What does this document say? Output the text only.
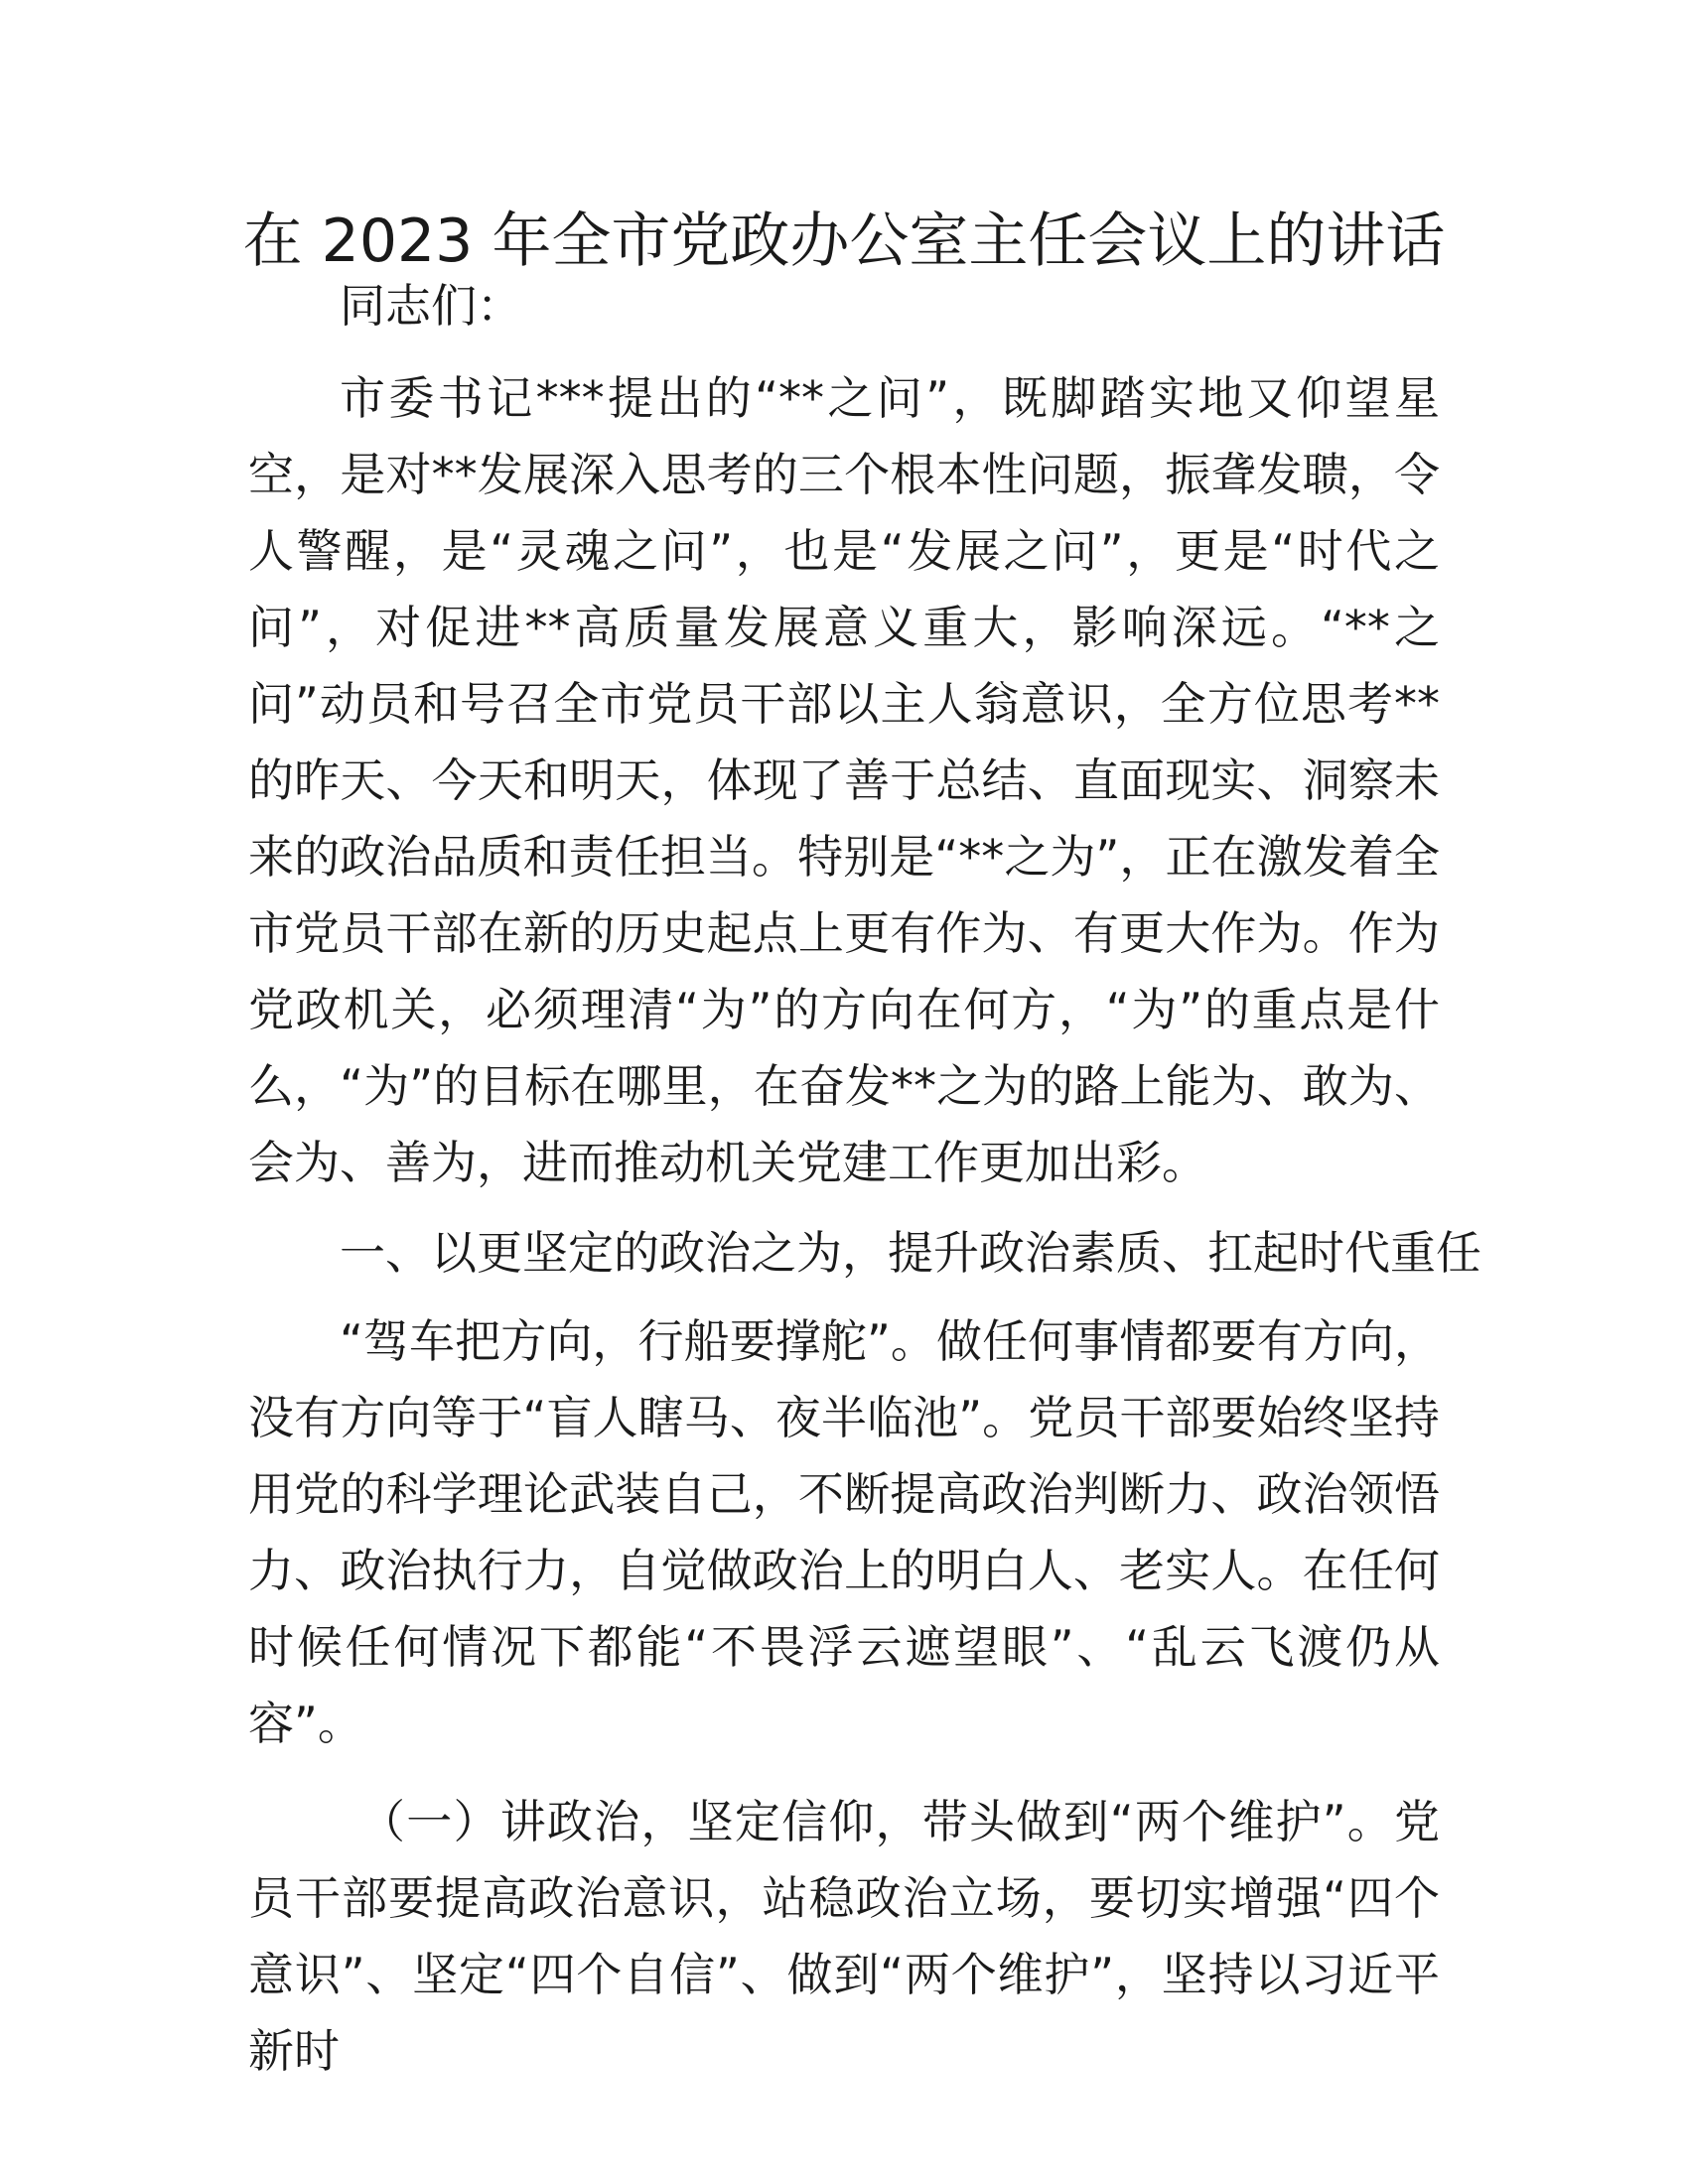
在 2023 年全市党政办公室主任会议上的讲话

同志们：

市委书记***提出的“**之问”，既脚踏实地又仰望星空，是对**发展深入思考的三个根本性问题，振聋发聩，令人警醒，是“灵魂之问”，也是“发展之问”，更是“时代之问”，对促进**高质量发展意义重大，影响深远。“**之问”动员和号召全市党员干部以主人翁意识，全方位思考**的昨天、今天和明天，体现了善于总结、直面现实、洞察未来的政治品质和责任担当。特别是“**之为”，正在激发着全市党员干部在新的历史起点上更有作为、有更大作为。作为党政机关，必须理清“为”的方向在何方，“为”的重点是什么，“为”的目标在哪里，在奋发**之为的路上能为、敢为、会为、善为，进而推动机关党建工作更加出彩。

一、以更坚定的政治之为，提升政治素质、扛起时代重任

“驾车把方向，行船要撑舵”。做任何事情都要有方向，没有方向等于“盲人瞎马、夜半临池”。党员干部要始终坚持用党的科学理论武装自己，不断提高政治判断力、政治领悟力、政治执行力，自觉做政治上的明白人、老实人。在任何时候任何情况下都能“不畏浮云遮望眼”、“乱云飞渡仍从容”。

（一）讲政治，坚定信仰，带头做到“两个维护”。党员干部要提高政治意识，站稳政治立场，要切实增强“四个意识”、坚定“四个自信”、做到“两个维护”，坚持以习近平新时
